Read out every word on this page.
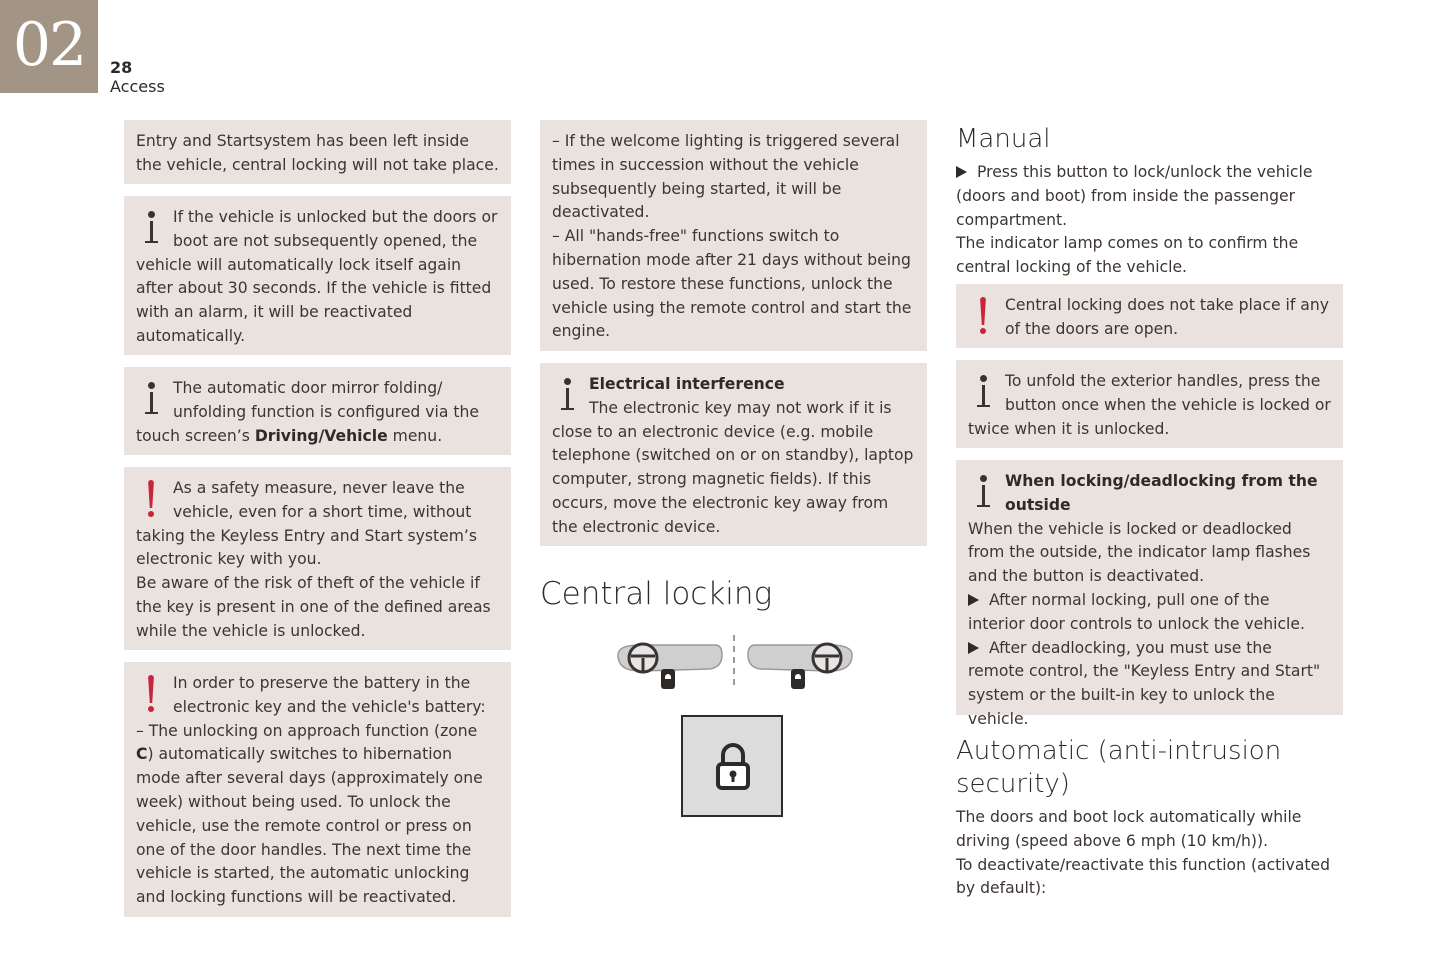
02	28
Access

Entry and Startsystem has been left inside the vehicle, central locking will not take place.

If the vehicle is unlocked but the doors or boot are not subsequently opened, the vehicle will automatically lock itself again after about 30 seconds. If the vehicle is fitted with an alarm, it will be reactivated automatically.

The automatic door mirror folding/ unfolding function is configured via the touch screen’s Driving/Vehicle menu.

As a safety measure, never leave the vehicle, even for a short time, without taking the Keyless Entry and Start system’s electronic key with you.

Be aware of the risk of theft of the vehicle if the key is present in one of the defined areas while the vehicle is unlocked.

In order to preserve the battery in the electronic key and the vehicle's battery:

– The unlocking on approach function (zone C) automatically switches to hibernation mode after several days (approximately one week) without being used. To unlock the vehicle, use the remote control or press on one of the door handles. The next time the vehicle is started, the automatic unlocking and locking functions will be reactivated.

– If the welcome lighting is triggered several times in succession without the vehicle subsequently being started, it will be deactivated.

– All "hands-free" functions switch to hibernation mode after 21 days without being used. To restore these functions, unlock the vehicle using the remote control and start the engine.

Electrical interference

The electronic key may not work if it is close to an electronic device (e.g. mobile telephone (switched on or on standby), laptop computer, strong magnetic fields). If this occurs, move the electronic key away from the electronic device.

Central locking
Manual

Press this button to lock/unlock the vehicle (doors and boot) from inside the passenger compartment.

The indicator lamp comes on to confirm the central locking of the vehicle.

Central locking does not take place if any of the doors are open.

To unfold the exterior handles, press the button once when the vehicle is locked or twice when it is unlocked.

When locking/deadlocking from the outside

When the vehicle is locked or deadlocked from the outside, the indicator lamp flashes and the button is deactivated.

After normal locking, pull one of the interior door controls to unlock the vehicle.

After deadlocking, you must use the remote control, the "Keyless Entry and Start" system or the built-in key to unlock the vehicle.

Automatic (anti-intrusion security)

The doors and boot lock automatically while driving (speed above 6 mph (10 km/h)).

To deactivate/reactivate this function (activated by default):
